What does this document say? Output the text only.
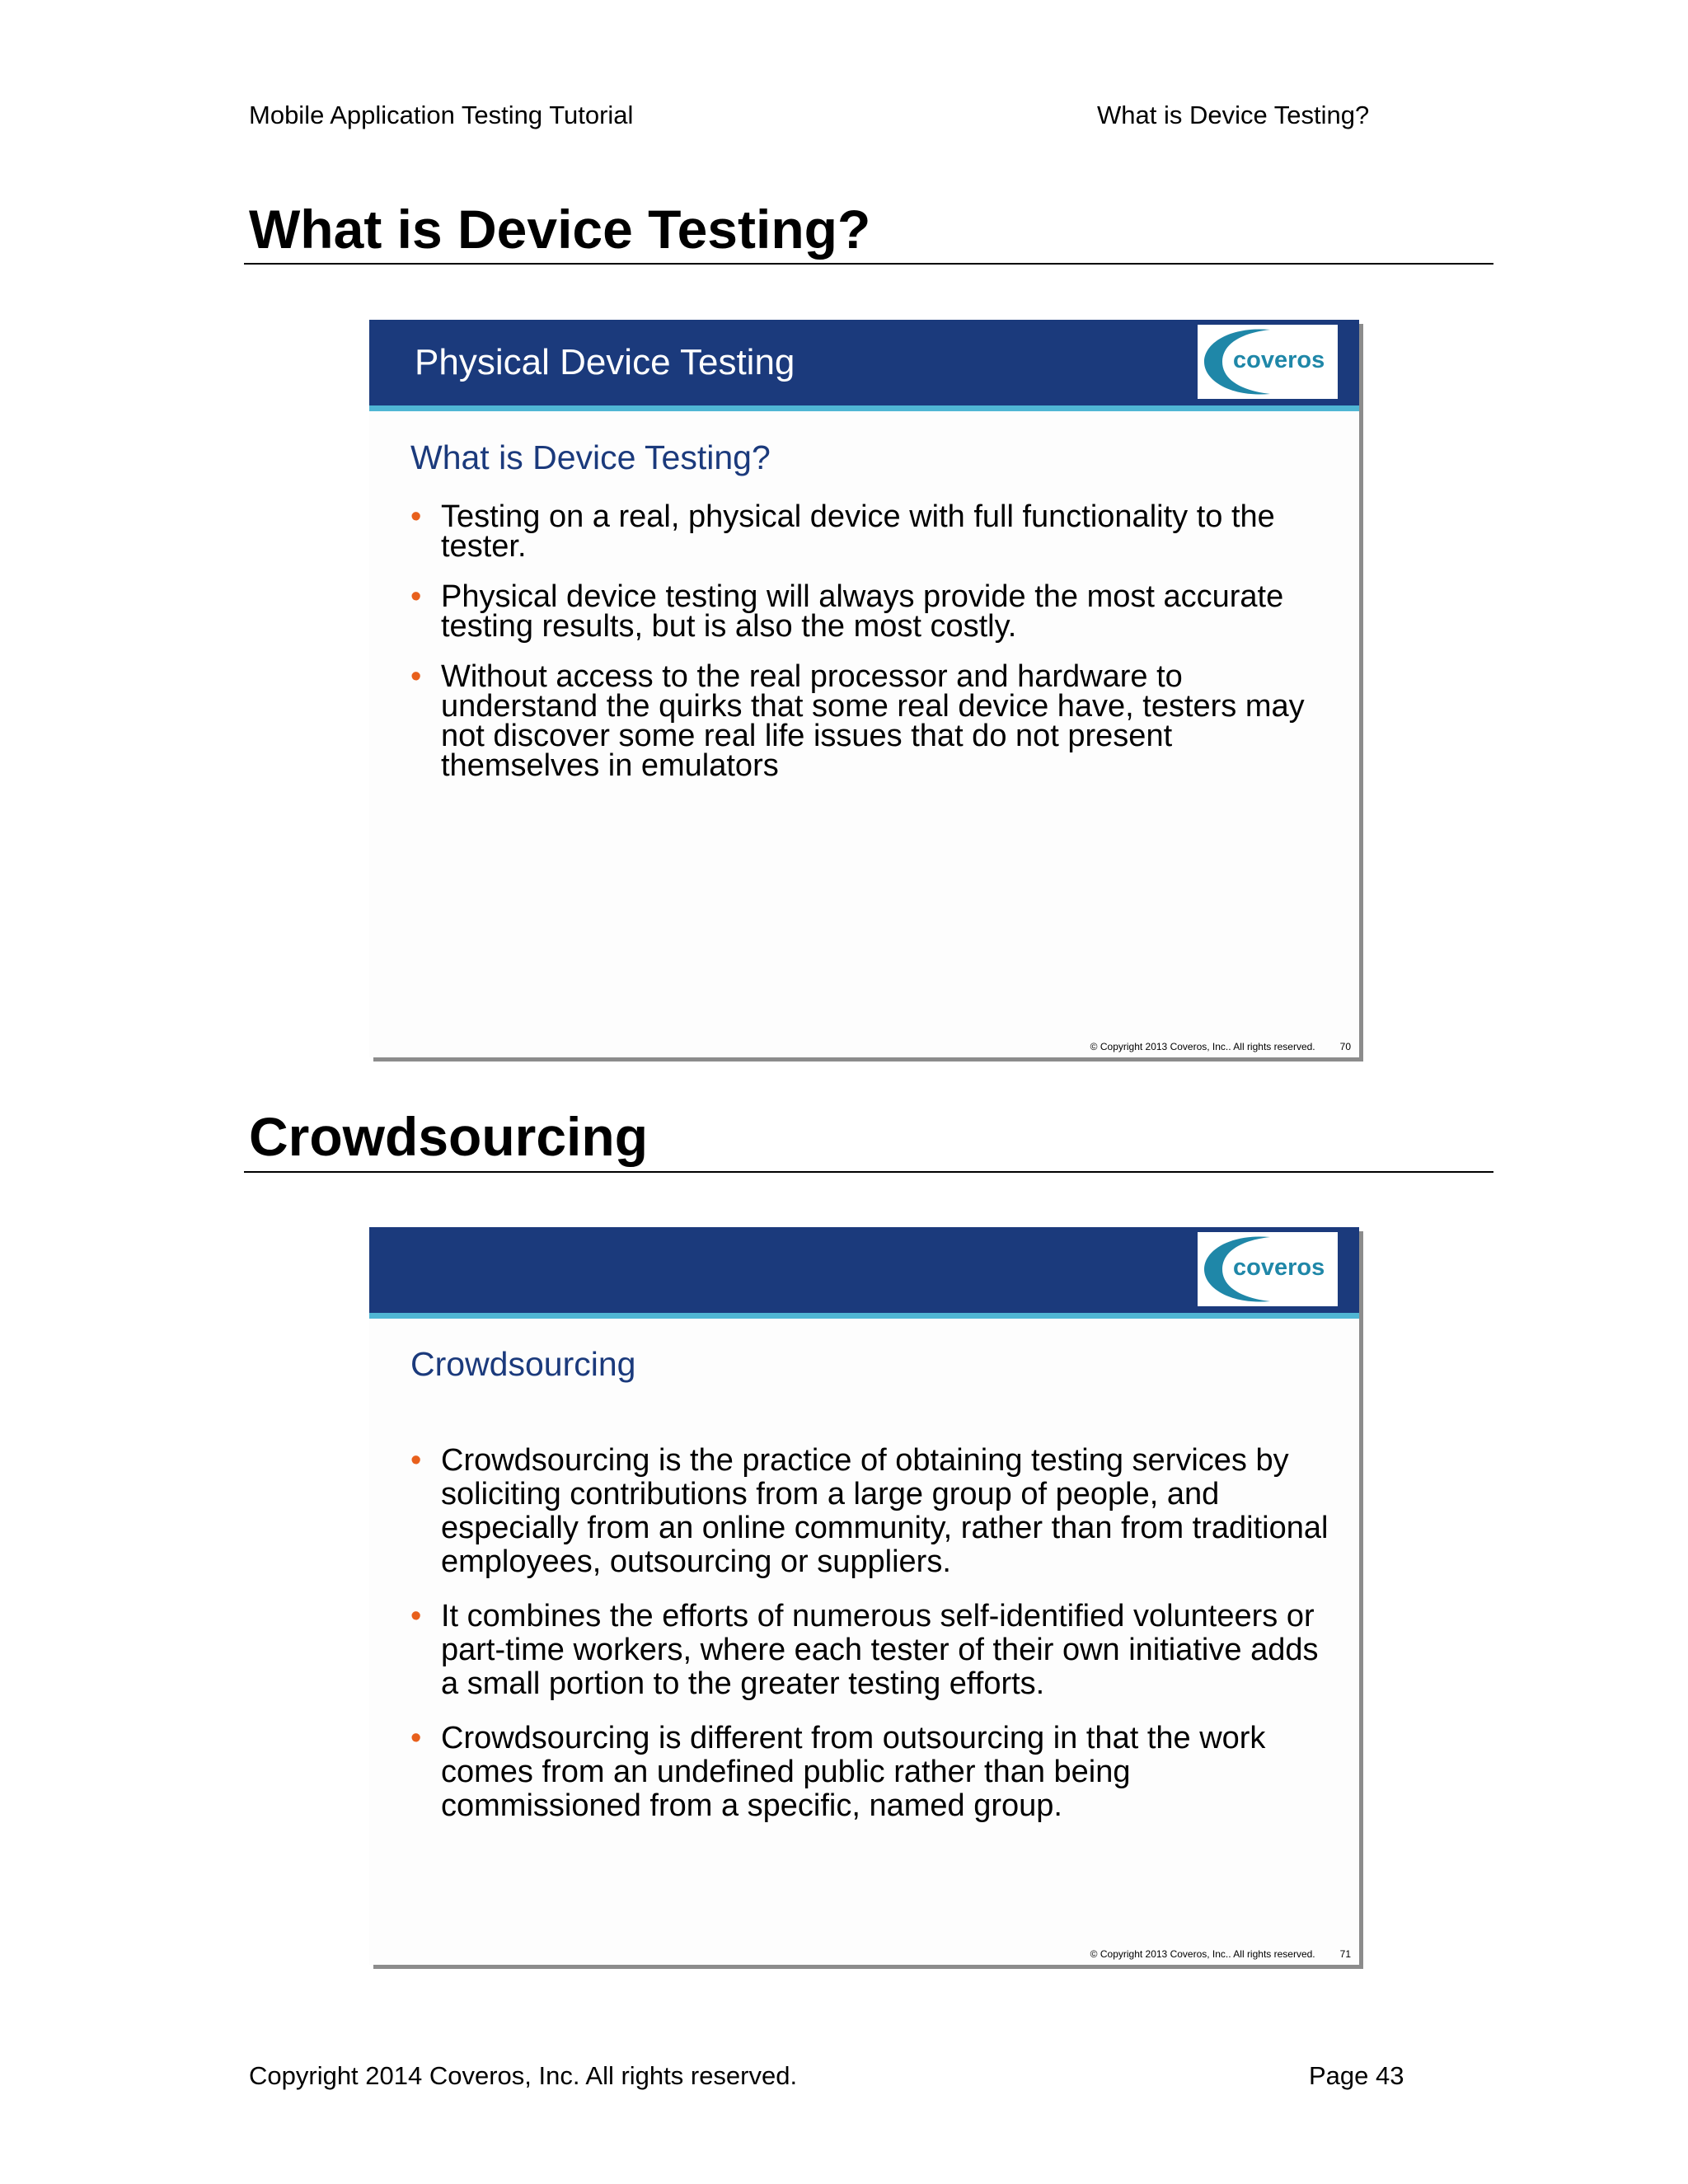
Mobile Application Testing Tutorial	What is Device Testing?
What is Device Testing?
Physical Device Testing	coveros
What is Device Testing?
• Testing on a real, physical device with full functionality to the tester.
• Physical device testing will always provide the most accurate testing results, but is also the most costly.
• Without access to the real processor and hardware to understand the quirks that some real device have, testers may not discover some real life issues that do not present themselves in emulators
© Copyright 2013 Coveros, Inc.. All rights reserved.	70
Crowdsourcing
coveros
Crowdsourcing
• Crowdsourcing is the practice of obtaining testing services by soliciting contributions from a large group of people, and especially from an online community, rather than from traditional employees, outsourcing or suppliers.
• It combines the efforts of numerous self-identified volunteers or part-time workers, where each tester of their own initiative adds a small portion to the greater testing efforts.
• Crowdsourcing is different from outsourcing in that the work comes from an undefined public rather than being commissioned from a specific, named group.
© Copyright 2013 Coveros, Inc.. All rights reserved.	71
Copyright 2014 Coveros, Inc. All rights reserved.	Page 43
